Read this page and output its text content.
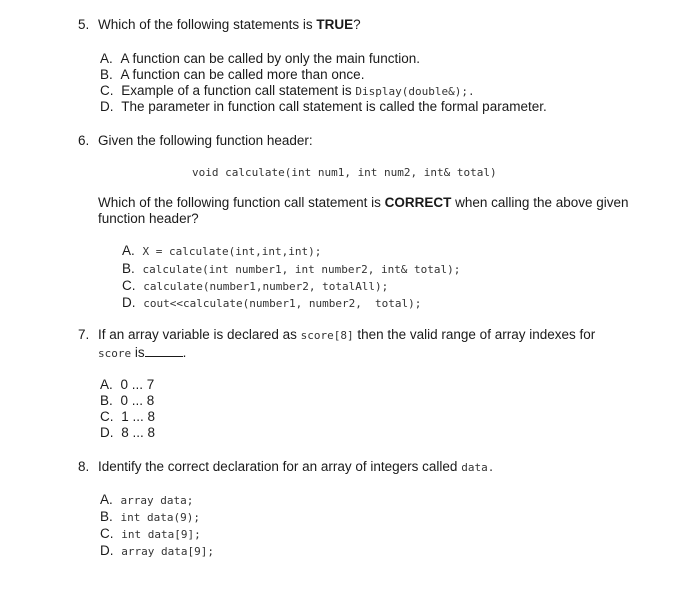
5. Which of the following statements is TRUE?
A. A function can be called by only the main function.
B. A function can be called more than once.
C. Example of a function call statement is Display(double&);.
D. The parameter in function call statement is called the formal parameter.
6. Given the following function header:
void calculate(int num1, int num2, int& total)
Which of the following function call statement is CORRECT when calling the above given
function header?
A. X = calculate(int,int,int);
B. calculate(int number1, int number2, int& total);
C. calculate(number1,number2, totalAll);
D. cout<<calculate(number1, number2,  total);
7. If an array variable is declared as score[8] then the valid range of array indexes for
score is	.
A. 0 ... 7
B. 0 ... 8
C. 1 ... 8
D. 8 ... 8
8. Identify the correct declaration for an array of integers called data.
A. array data;
B. int data(9);
C. int data[9];
D. array data[9];
